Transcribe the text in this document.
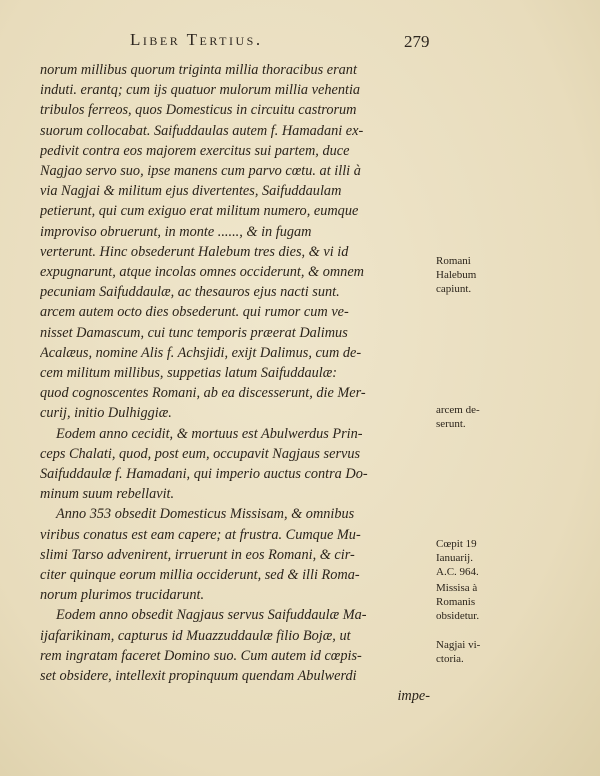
Liber Tertius.	279
norum millibus quorum triginta millia thoracibus erant
induti. erantq; cum ijs quatuor mulorum millia vehentia
tribulos ferreos, quos Domesticus in circuitu castrorum
suorum collocabat. Saifuddaulas autem f. Hamadani ex-
pedivit contra eos majorem exercitus sui partem, duce
Nagjao servo suo, ipse manens cum parvo cœtu. at illi à
via Nagjai & militum ejus divertentes, Saifuddaulam
petierunt, qui cum exiguo erat militum numero, eumque
improviso obruerunt, in monte ......, & in fugam
verterunt. Hinc obsederunt Halebum tres dies, & vi id
expugnarunt, atque incolas omnes occiderunt, & omnem
pecuniam Saifuddaulæ, ac thesauros ejus nacti sunt.
arcem autem octo dies obsederunt. qui rumor cum ve-
nisset Damascum, cui tunc temporis præerat Dalimus
Acalæus, nomine Alis f. Achsjidi, exijt Dalimus, cum de-
cem militum millibus, suppetias latum Saifuddaulæ:
quod cognoscentes Romani, ab ea discesserunt, die Mer-
curij, initio Dulhiggiæ.
Eodem anno cecidit, & mortuus est Abulwerdus Prin-
ceps Chalati, quod, post eum, occupavit Nagjaus servus
Saifuddaulæ f. Hamadani, qui imperio auctus contra Do-
minum suum rebellavit.
Anno 353 obsedit Domesticus Missisam, & omnibus
viribus conatus est eam capere; at frustra. Cumque Mu-
slimi Tarso advenirent, irruerunt in eos Romani, & cir-
citer quinque eorum millia occiderunt, sed & illi Roma-
norum plurimos trucidarunt.
Eodem anno obsedit Nagjaus servus Saifuddaulæ Ma-
ijafarikinam, capturus id Muazzuddaulæ filio Bojæ, ut
rem ingratam faceret Domino suo. Cum autem id cœpis-
set obsidere, intellexit propinquum quendam Abulwerdi
impe-
Romani
Halebum
capiunt.
arcem de-
serunt.
Cœpit 19
Ianuarij.
A.C. 964.
Missisa à
Romanis
obsidetur.
Nagjai vi-
ctoria.
